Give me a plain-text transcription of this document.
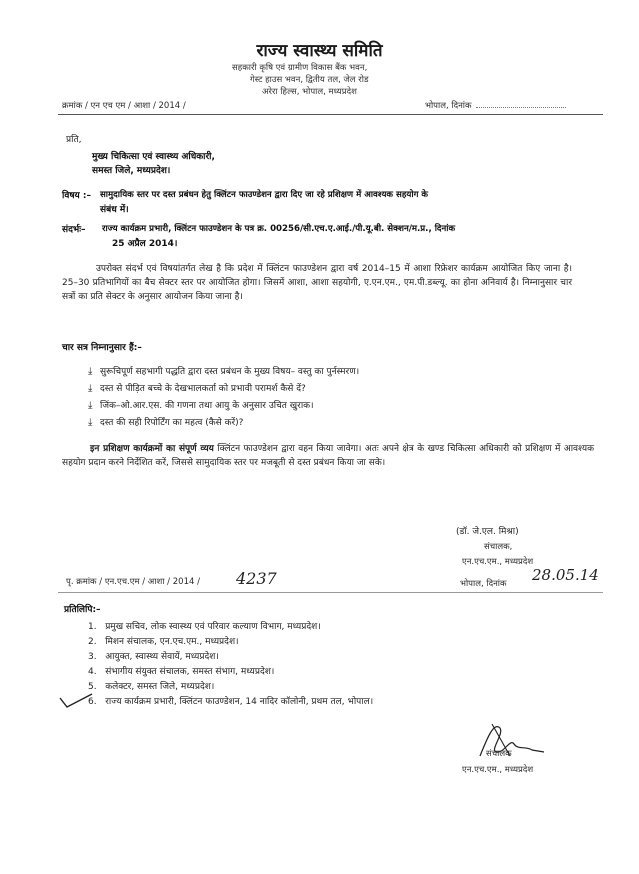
राज्य स्वास्थ्य समिति
सहकारी कृषि एवं ग्रामीण विकास बैंक भवन,
गेस्ट हाउस भवन, द्वितीय तल, जेल रोड
अरेरा हिल्स, भोपाल, मध्यप्रदेश
क्रमांक / एन एच एम / आशा / 2014 /	भोपाल, दिनांक
प्रति,
मुख्य चिकित्सा एवं स्वास्थ्य अधिकारी,
समस्त जिले, मध्यप्रदेश।
विषय :– सामुदायिक स्तर पर दस्त प्रबंधन हेतु क्लिंटन फाउण्डेशन द्वारा दिए जा रहे प्रशिक्षण में आवश्यक सहयोग के
संबंध में।
संदर्भः– राज्य कार्यक्रम प्रभारी, क्लिंटन फाउण्डेशन के पत्र क्र. 00256/सी.एच.ए.आई./पी.यू.बी. सेक्शन/म.प्र., दिनांक
25 अप्रैल 2014।
उपरोक्त संदर्भ एवं विषयांतर्गत लेख है कि प्रदेश में क्लिंटन फाउण्डेशन द्वारा वर्ष 2014–15 में आशा रिफ्रेशर कार्यक्रम आयोजित किए जाना है। 25–30 प्रतिभागियों का बैच सेक्टर स्तर पर आयोजित होगा। जिसमें आशा, आशा सहयोगी, ए.एन.एम., एम.पी.डब्ल्यू. का होना अनिवार्य है। निम्नानुसार चार सत्रों का प्रति सेक्टर के अनुसार आयोजन किया जाना है।
चार सत्र निम्नानुसार हैं:–
⤓ सुरूचिपूर्ण सहभागी पद्धति द्वारा दस्त प्रबंधन के मुख्य विषय– वस्तु का पुर्नस्मरण।
⤓ दस्त से पीड़ित बच्चे के देखभालकर्ता को प्रभावी परामर्श कैसे दें?
⤓ जिंक–ओ.आर.एस. की गणना तथा आयु के अनुसार उचित खुराक।
⤓ दस्त की सही रिपोर्टिंग का महत्व (कैसे करें)?
इन प्रशिक्षण कार्यक्रमों का संपूर्ण व्यय क्लिंटन फाउण्डेशन द्वारा वहन किया जावेगा। अतः अपने क्षेत्र के खण्ड चिकित्सा अधिकारी को प्रशिक्षण में आवश्यक सहयोग प्रदान करने निर्देशित करें, जिससे सामुदायिक स्तर पर मजबूती से दस्त प्रबंधन किया जा सके।
(डॉ. जे.एल. मिश्रा)
संचालक,
एन.एच.एम., मध्यप्रदेश
पृ. क्रमांक / एन.एच.एम / आशा / 2014 / 4237	भोपाल, दिनांक 28.05.14
प्रतिलिपि:–
1. प्रमुख सचिव, लोक स्वास्थ्य एवं परिवार कल्याण विभाग, मध्यप्रदेश।
2. मिशन संचालक, एन.एच.एम., मध्यप्रदेश।
3. आयुक्त, स्वास्थ्य सेवायें, मध्यप्रदेश।
4. संभागीय संयुक्त संचालक, समस्त संभाग, मध्यप्रदेश।
5. कलेक्टर, समस्त जिले, मध्यप्रदेश।
6. राज्य कार्यक्रम प्रभारी, क्लिंटन फाउण्डेशन, 14 नादिर कॉलोनी, प्रथम तल, भोपाल।
संचालक
एन.एच.एम., मध्यप्रदेश
